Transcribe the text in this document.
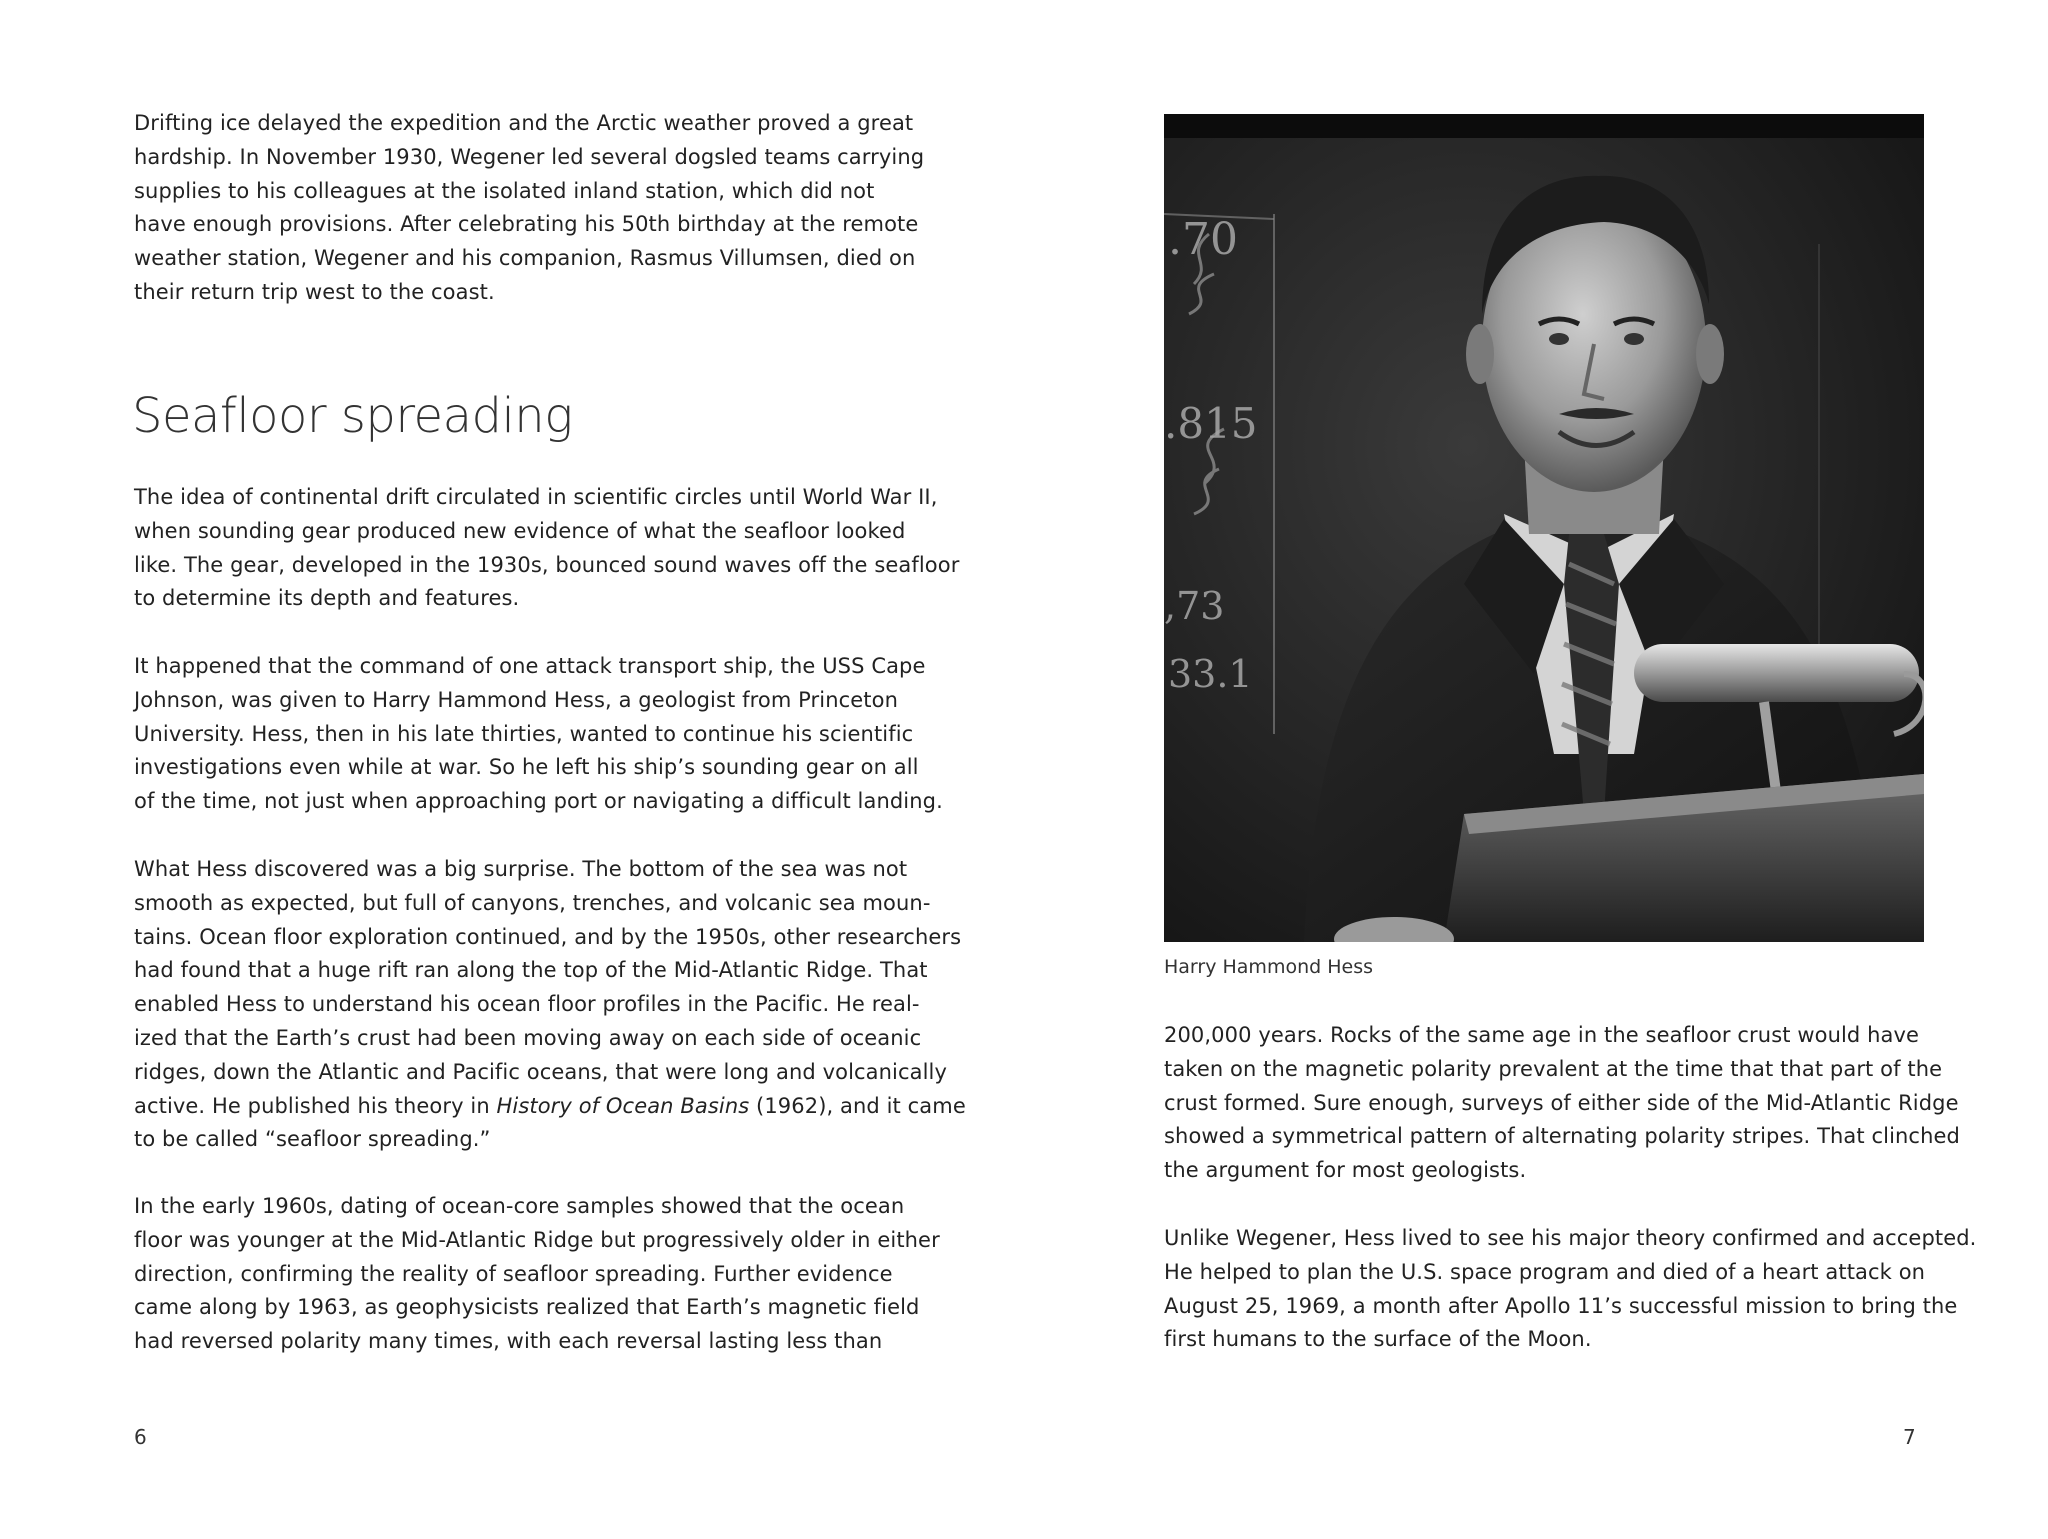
Drifting ice delayed the expedition and the Arctic weather proved a great
hardship. In November 1930, Wegener led several dogsled teams carrying
supplies to his colleagues at the isolated inland station, which did not
have enough provisions. After celebrating his 50th birthday at the remote
weather station, Wegener and his companion, Rasmus Villumsen, died on
their return trip west to the coast.

Seafloor spreading

The idea of continental drift circulated in scientific circles until World War II,
when sounding gear produced new evidence of what the seafloor looked
like. The gear, developed in the 1930s, bounced sound waves off the seafloor
to determine its depth and features.

It happened that the command of one attack transport ship, the USS Cape
Johnson, was given to Harry Hammond Hess, a geologist from Princeton
University. Hess, then in his late thirties, wanted to continue his scientific
investigations even while at war. So he left his ship’s sounding gear on all
of the time, not just when approaching port or navigating a difficult landing.

What Hess discovered was a big surprise. The bottom of the sea was not
smooth as expected, but full of canyons, trenches, and volcanic sea moun-
tains. Ocean floor exploration continued, and by the 1950s, other researchers
had found that a huge rift ran along the top of the Mid-Atlantic Ridge. That
enabled Hess to understand his ocean floor profiles in the Pacific. He real-
ized that the Earth’s crust had been moving away on each side of oceanic
ridges, down the Atlantic and Pacific oceans, that were long and volcanically
active. He published his theory in History of Ocean Basins (1962), and it came
to be called “seafloor spreading.”

In the early 1960s, dating of ocean-core samples showed that the ocean
floor was younger at the Mid-Atlantic Ridge but progressively older in either
direction, confirming the reality of seafloor spreading. Further evidence
came along by 1963, as geophysicists realized that Earth’s magnetic field
had reversed polarity many times, with each reversal lasting less than

6
.70
.815
,73
33.1
Harry Hammond Hess

200,000 years. Rocks of the same age in the seafloor crust would have
taken on the magnetic polarity prevalent at the time that that part of the
crust formed. Sure enough, surveys of either side of the Mid-Atlantic Ridge
showed a symmetrical pattern of alternating polarity stripes. That clinched
the argument for most geologists.

Unlike Wegener, Hess lived to see his major theory confirmed and accepted.
He helped to plan the U.S. space program and died of a heart attack on
August 25, 1969, a month after Apollo 11’s successful mission to bring the
first humans to the surface of the Moon.

7
